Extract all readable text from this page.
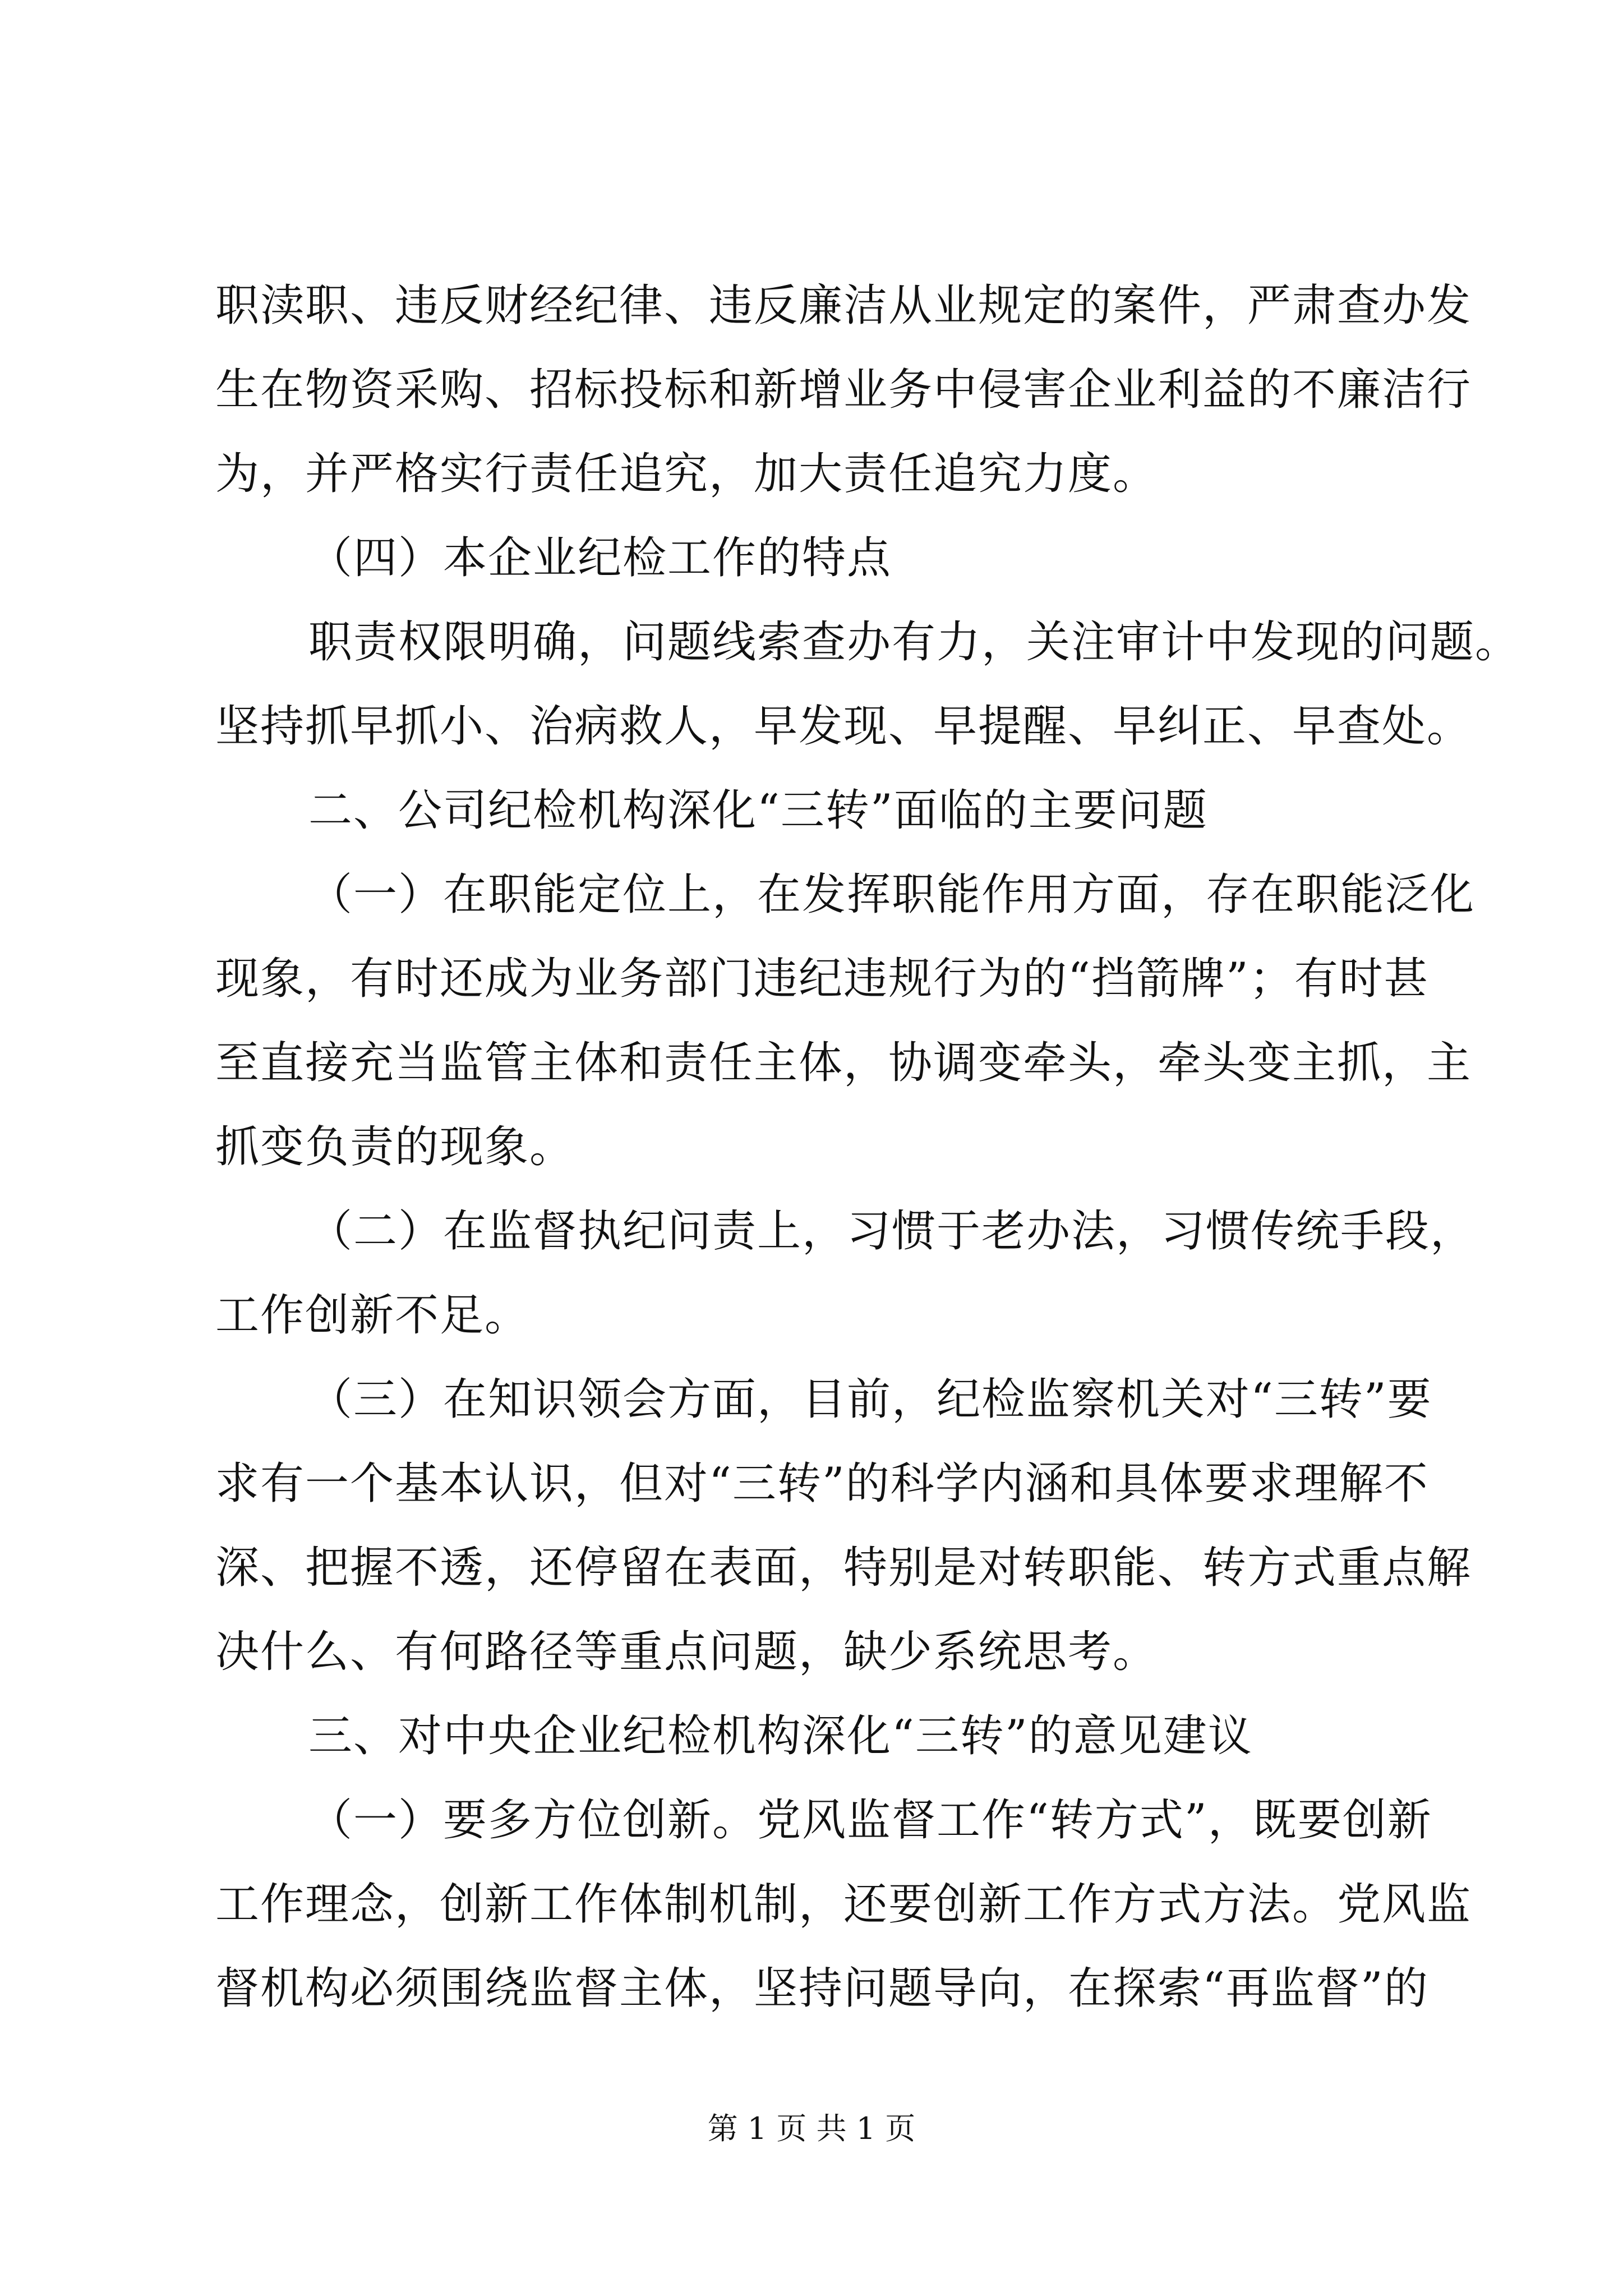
职渎职、违反财经纪律、违反廉洁从业规定的案件，严肃查办发
生在物资采购、招标投标和新增业务中侵害企业利益的不廉洁行
为，并严格实行责任追究，加大责任追究力度。
（四）本企业纪检工作的特点
职责权限明确，问题线索查办有力，关注审计中发现的问题。
坚持抓早抓小、治病救人，早发现、早提醒、早纠正、早查处。
二、公司纪检机构深化“三转”面临的主要问题
（一）在职能定位上，在发挥职能作用方面，存在职能泛化
现象，有时还成为业务部门违纪违规行为的“挡箭牌”；有时甚
至直接充当监管主体和责任主体，协调变牵头，牵头变主抓，主
抓变负责的现象。
（二）在监督执纪问责上，习惯于老办法，习惯传统手段，
工作创新不足。
（三）在知识领会方面，目前，纪检监察机关对“三转”要
求有一个基本认识，但对“三转”的科学内涵和具体要求理解不
深、把握不透，还停留在表面，特别是对转职能、转方式重点解
决什么、有何路径等重点问题，缺少系统思考。
三、对中央企业纪检机构深化“三转”的意见建议
（一）要多方位创新。党风监督工作“转方式”，既要创新
工作理念，创新工作体制机制，还要创新工作方式方法。党风监
督机构必须围绕监督主体，坚持问题导向，在探索“再监督”的
第 1 页 共 1 页
